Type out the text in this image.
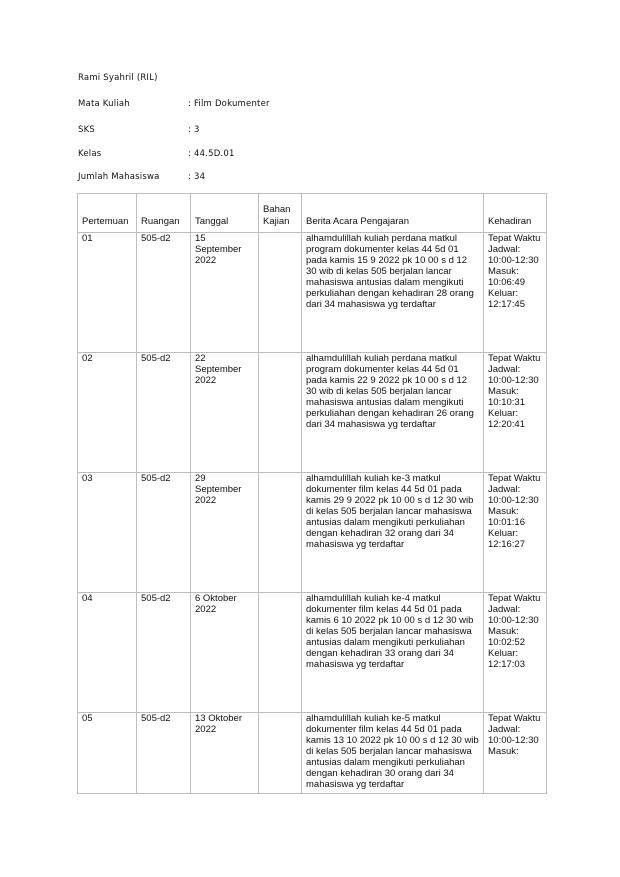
Rami Syahril (RIL)
Mata Kuliah	: Film Dokumenter
SKS	: 3
Kelas	: 44.5D.01
Jumlah Mahasiswa	: 34
Pertemuan	Ruangan	Tanggal	Bahan Kajian	Berita Acara Pengajaran	Kehadiran
01	505-d2	15 September 2022		alhamdulillah kuliah perdana matkul program dokumenter kelas 44 5d 01 pada kamis 15 9 2022 pk 10 00 s d 12 30 wib di kelas 505 berjalan lancar mahasiswa antusias dalam mengikuti perkuliahan dengan kehadiran 28 orang dari 34 mahasiswa yg terdaftar	Tepat Waktu Jadwal: 10:00-12:30 Masuk: 10:06:49 Keluar: 12:17:45
02	505-d2	22 September 2022		alhamdulillah kuliah perdana matkul program dokumenter kelas 44 5d 01 pada kamis 22 9 2022 pk 10 00 s d 12 30 wib di kelas 505 berjalan lancar mahasiswa antusias dalam mengikuti perkuliahan dengan kehadiran 26 orang dari 34 mahasiswa yg terdaftar	Tepat Waktu Jadwal: 10:00-12:30 Masuk: 10:10:31 Keluar: 12:20:41
03	505-d2	29 September 2022		alhamdulillah kuliah ke-3 matkul dokumenter film kelas 44 5d 01 pada kamis 29 9 2022 pk 10 00 s d 12 30 wib di kelas 505 berjalan lancar mahasiswa antusias dalam mengikuti perkuliahan dengan kehadiran 32 orang dari 34 mahasiswa yg terdaftar	Tepat Waktu Jadwal: 10:00-12:30 Masuk: 10:01:16 Keluar: 12:16:27
04	505-d2	6 Oktober 2022		alhamdulillah kuliah ke-4 matkul dokumenter film kelas 44 5d 01 pada kamis 6 10 2022 pk 10 00 s d 12 30 wib di kelas 505 berjalan lancar mahasiswa antusias dalam mengikuti perkuliahan dengan kehadiran 33 orang dari 34 mahasiswa yg terdaftar	Tepat Waktu Jadwal: 10:00-12:30 Masuk: 10:02:52 Keluar: 12:17:03
05	505-d2	13 Oktober 2022		alhamdulillah kuliah ke-5 matkul dokumenter film kelas 44 5d 01 pada kamis 13 10 2022 pk 10 00 s d 12 30 wib di kelas 505 berjalan lancar mahasiswa antusias dalam mengikuti perkuliahan dengan kehadiran 30 orang dari 34 mahasiswa yg terdaftar	Tepat Waktu Jadwal: 10:00-12:30 Masuk:
